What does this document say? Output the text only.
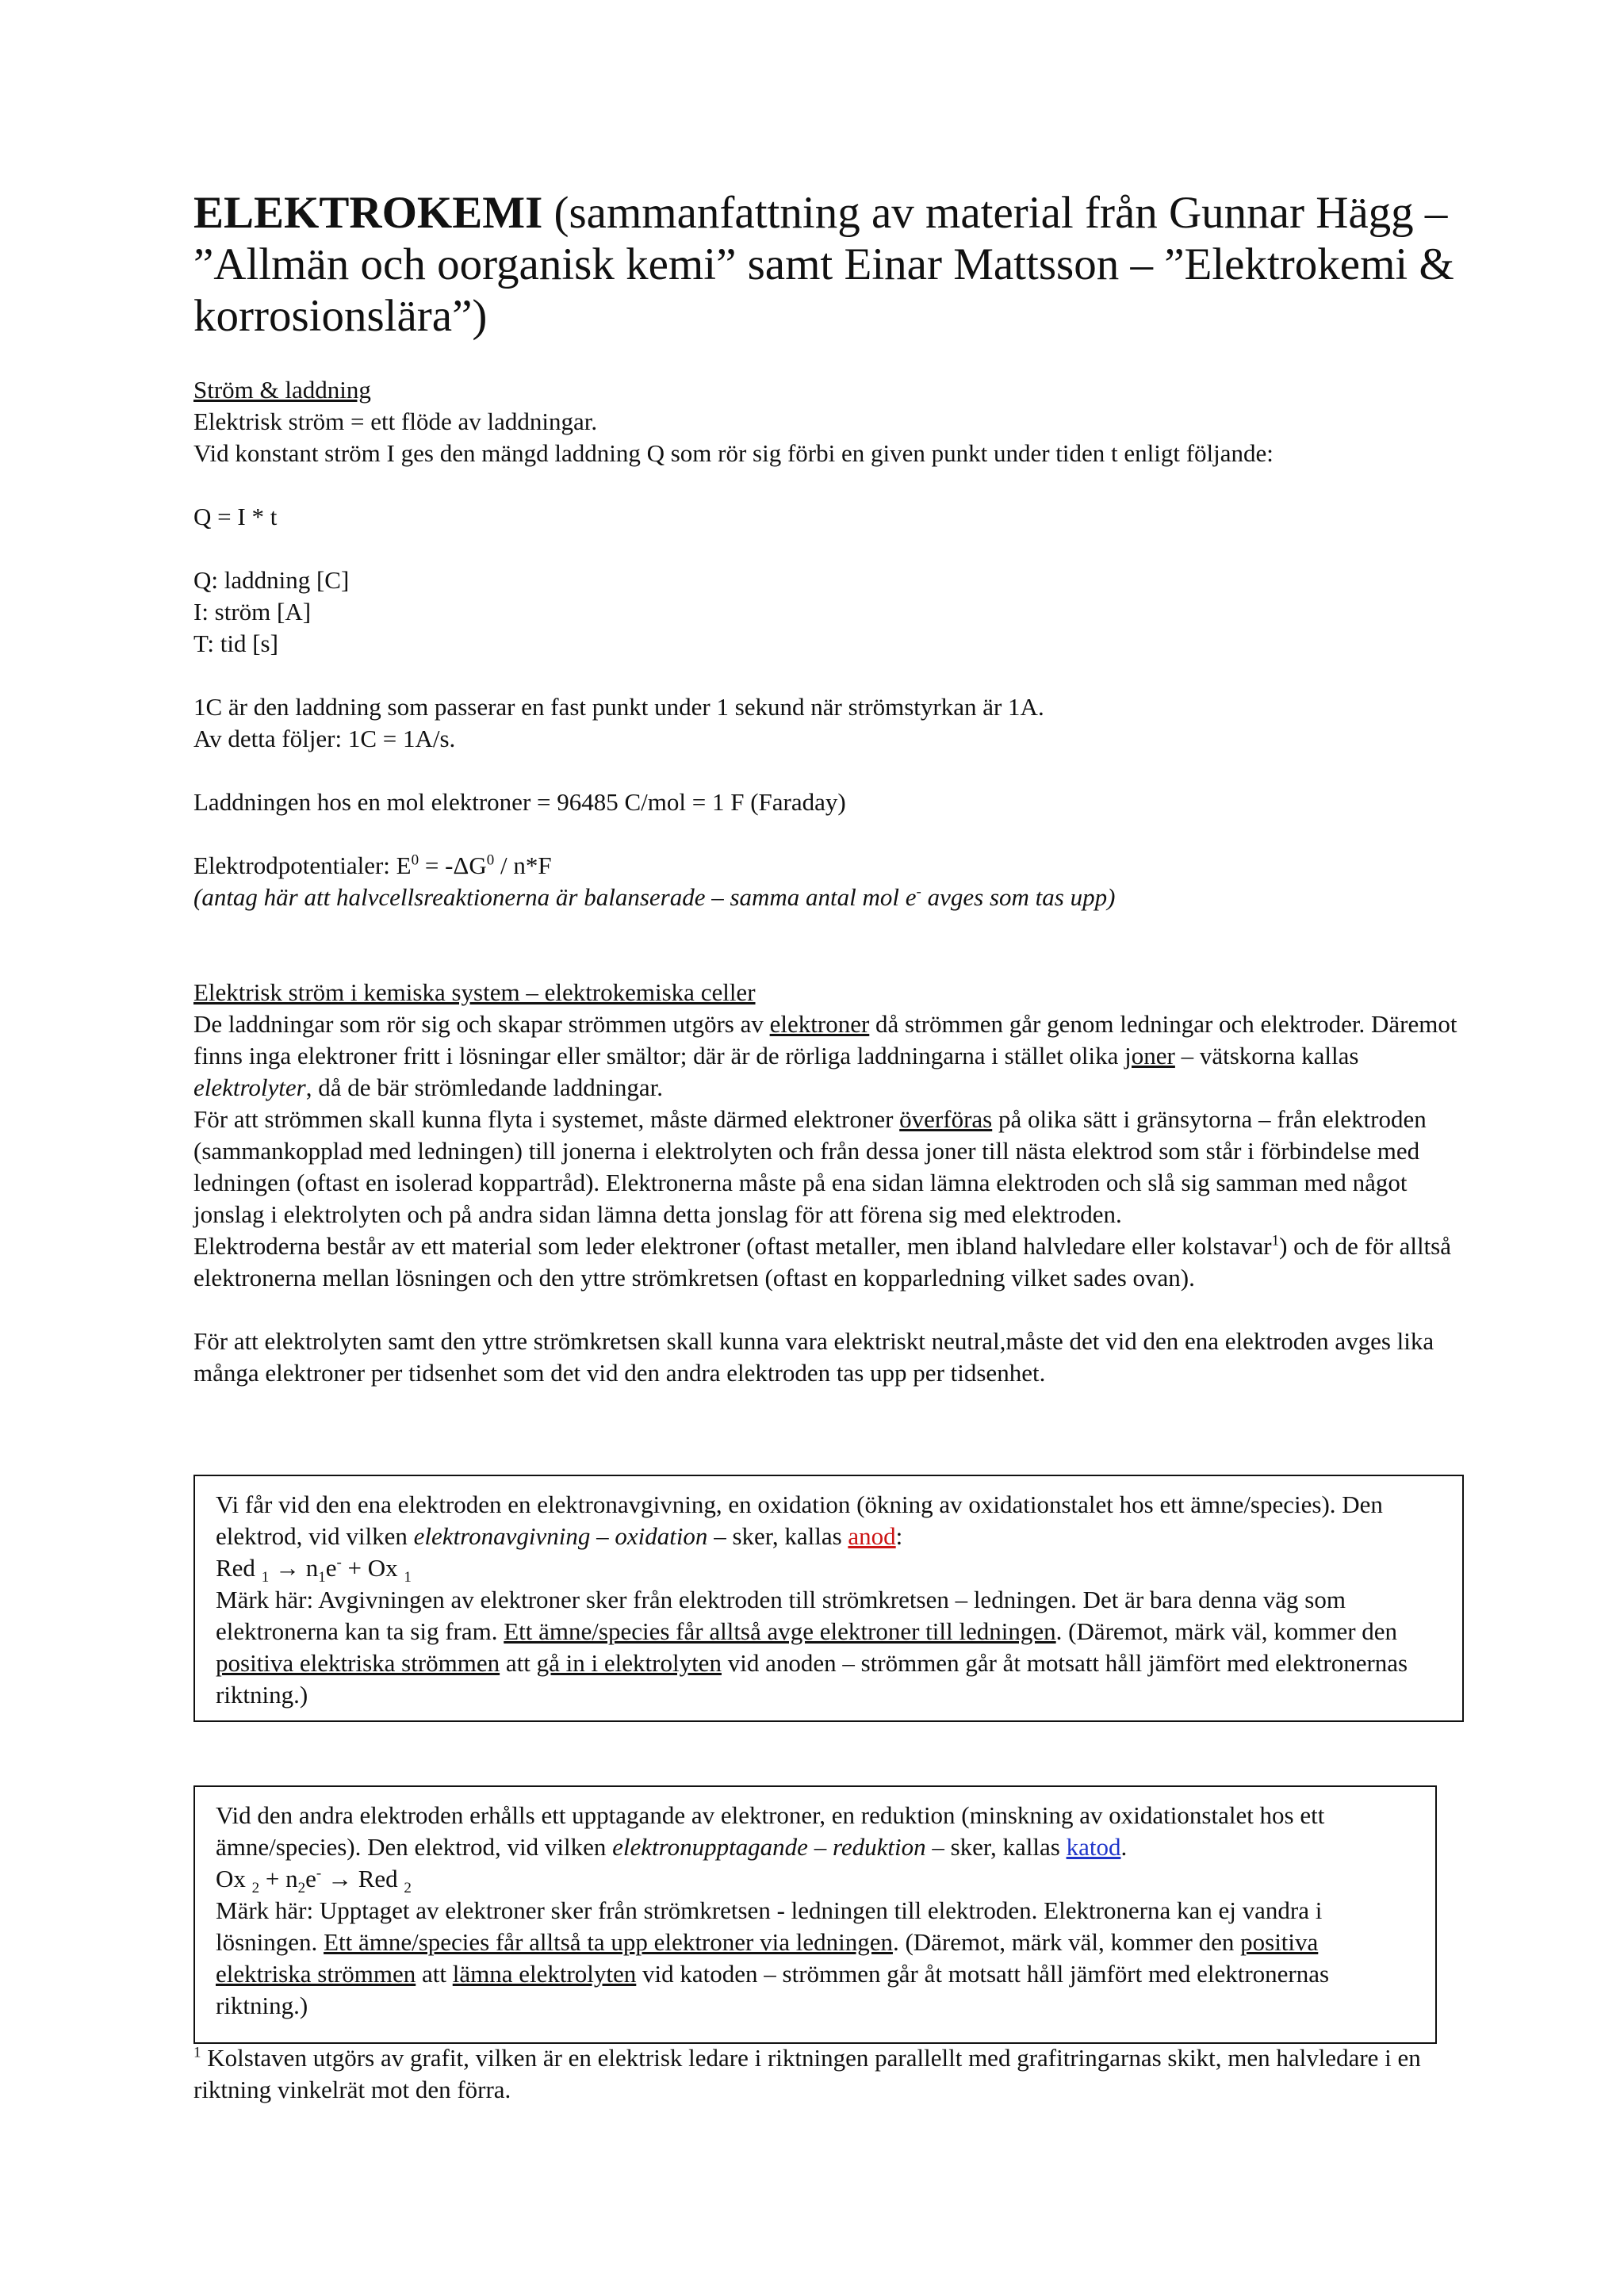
ELEKTROKEMI (sammanfattning av material från Gunnar Hägg – ”Allmän och oorganisk kemi” samt Einar Mattsson – ”Elektrokemi & korrosionslära”)
Ström & laddning
Elektrisk ström = ett flöde av laddningar.
Vid konstant ström I ges den mängd laddning Q som rör sig förbi en given punkt under tiden t enligt följande:
Q = I * t
Q: laddning [C]
I: ström [A]
T: tid [s]
1C är den laddning som passerar en fast punkt under 1 sekund när strömstyrkan är 1A.
Av detta följer: 1C = 1A/s.
Laddningen hos en mol elektroner = 96485 C/mol = 1 F (Faraday)
Elektrodpotentialer: $E^0 = -\Delta G^0 / n*F$
(antag här att halvcellsreaktionerna är balanserade – samma antal mol e- avges som tas upp)
Elektrisk ström i kemiska system – elektrokemiska celler

De laddningar som rör sig och skapar strömmen utgörs av elektroner då strömmen går genom ledningar och elektroder. Däremot finns inga elektroner fritt i lösningar eller smältor; där är de rörliga laddningarna i stället olika joner – vätskorna kallas elektrolyter, då de bär strömledande laddningar.

För att strömmen skall kunna flyta i systemet, måste därmed elektroner överföras på olika sätt i gränsytorna – från elektroden (sammankopplad med ledningen) till jonerna i elektrolyten och från dessa joner till nästa elektrod som står i förbindelse med ledningen (oftast en isolerad koppartråd). Elektronerna måste på ena sidan lämna elektroden och slå sig samman med något jonslag i elektrolyten och på andra sidan lämna detta jonslag för att förena sig med elektroden.

Elektroderna består av ett material som leder elektroner (oftast metaller, men ibland halvledare eller kolstavar$^1$) och de för alltså elektronerna mellan lösningen och den yttre strömkretsen (oftast en kopparledning vilket sades ovan).

För att elektrolyten samt den yttre strömkretsen skall kunna vara elektriskt neutral,måste det vid den ena elektroden avges lika många elektroner per tidsenhet som det vid den andra elektroden tas upp per tidsenhet.

Vi får vid den ena elektroden en elektronavgivning, en oxidation (ökning av oxidationstalet hos ett ämne/species). Den elektrod, vid vilken elektronavgivning – oxidation – sker, kallas anod:

Red $_1 \to n_1e^- + Ox$ $_1$

Märk här: Avgivningen av elektroner sker från elektroden till strömkretsen – ledningen. Det är bara denna väg som elektronerna kan ta sig fram. Ett ämne/species får alltså avge elektroner till ledningen. (Däremot, märk väl, kommer den positiva elektriska strömmen att gå in i elektrolyten vid anoden – strömmen går åt motsatt håll jämfört med elektronernas riktning.)

Vid den andra elektroden erhålls ett upptagande av elektroner, en reduktion (minskning av oxidationstalet hos ett ämne/species). Den elektrod, vid vilken elektronupptagande – reduktion – sker, kallas katod.

Ox $_2 + n_2e^-$ → Red $_2$

Märk här: Upptaget av elektroner sker från strömkretsen - ledningen till elektroden. Elektronerna kan ej vandra i lösningen. Ett ämne/species får alltså ta upp elektroner via ledningen. (Däremot, märk väl, kommer den positiva elektriska strömmen att lämna elektrolyten vid katoden – strömmen går åt motsatt håll jämfört med elektronernas riktning.)

$^1$ Kolstaven utgörs av grafit, vilken är en elektrisk ledare i riktningen parallellt med grafitringarnas skikt, men halvledare i en riktning vinkelrät mot den förra.
